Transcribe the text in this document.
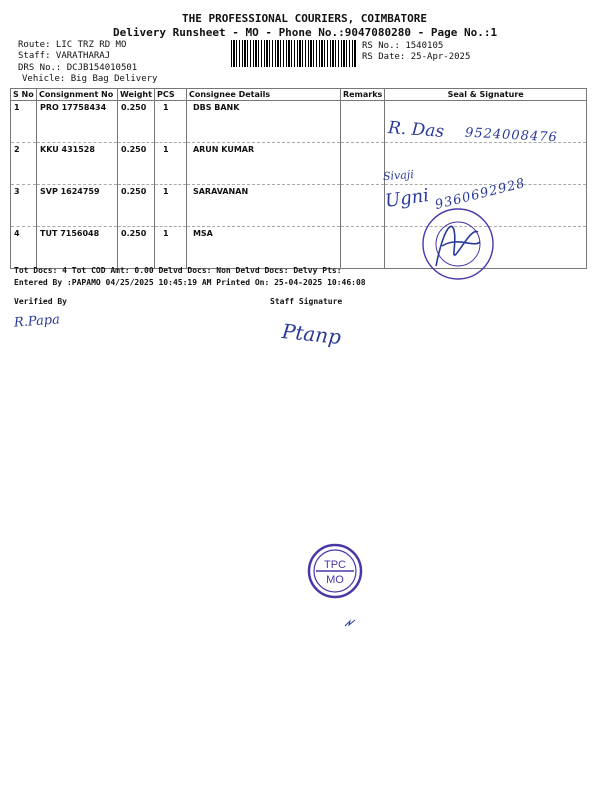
THE PROFESSIONAL COURIERS, COIMBATORE
Delivery Runsheet - MO - Phone No.:9047080280 - Page No.:1
Route: LIC TRZ RD MO
Staff: VARATHARAJ
DRS No.: DCJB154010501
Vehicle: Big Bag Delivery
RS No.: 1540105
RS Date: 25-Apr-2025
S No	Consignment No	Weight	PCS	Consignee Details	Remarks	Seal & Signature
1	PRO 17758434	0.250	1	DBS BANK		
2	KKU 431528	0.250	1	ARUN KUMAR		
3	SVP 1624759	0.250	1	SARAVANAN		
4	TUT 7156048	0.250	1	MSA		
Tot Docs: 4 Tot COD Amt: 0.00 Delvd Docs: Non Delvd Docs: Delvy Pts:
Entered By :PAPAMO 04/25/2025 10:45:19 AM Printed On: 25-04-2025 10:46:08
Verified By	Staff Signature
R. Das 9524008476
Sivaji
Ugni 9360692928
R.Papa	Ptanp
TPC
MO
